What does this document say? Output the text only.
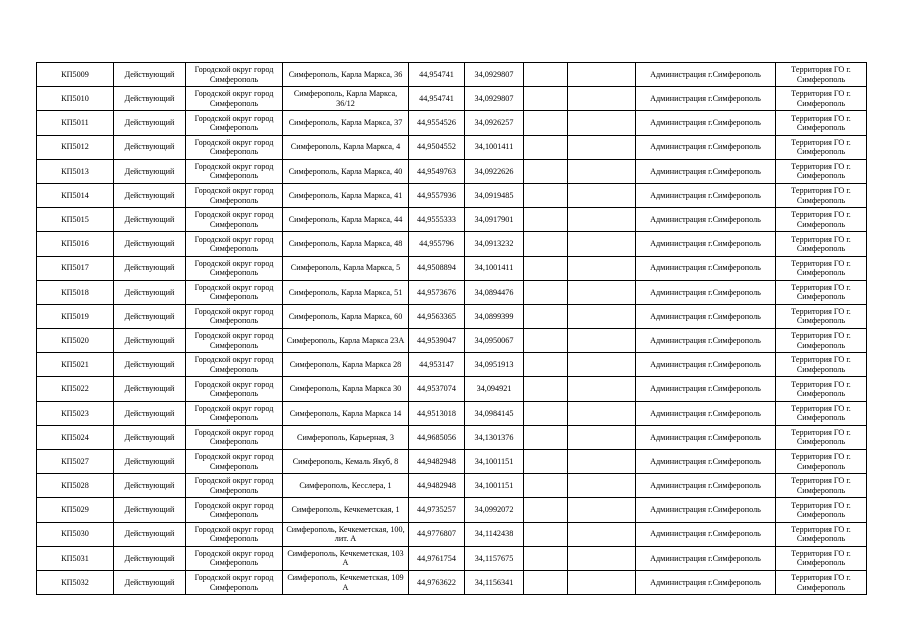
КП5009	Действующий	Городской округ город Симферополь	Симферополь, Карла Маркса, 36	44,954741	34,0929807			Администрация г.Симферополь	Территория ГО г. Симферополь
КП5010	Действующий	Городской округ город Симферополь	Симферополь, Карла Маркса, 36/12	44,954741	34,0929807			Администрация г.Симферополь	Территория ГО г. Симферополь
КП5011	Действующий	Городской округ город Симферополь	Симферополь, Карла Маркса, 37	44,9554526	34,0926257			Администрация г.Симферополь	Территория ГО г. Симферополь
КП5012	Действующий	Городской округ город Симферополь	Симферополь, Карла Маркса, 4	44,9504552	34,1001411			Администрация г.Симферополь	Территория ГО г. Симферополь
КП5013	Действующий	Городской округ город Симферополь	Симферополь, Карла Маркса, 40	44,9549763	34,0922626			Администрация г.Симферополь	Территория ГО г. Симферополь
КП5014	Действующий	Городской округ город Симферополь	Симферополь, Карла Маркса, 41	44,9557936	34,0919485			Администрация г.Симферополь	Территория ГО г. Симферополь
КП5015	Действующий	Городской округ город Симферополь	Симферополь, Карла Маркса, 44	44,9555333	34,0917901			Администрация г.Симферополь	Территория ГО г. Симферополь
КП5016	Действующий	Городской округ город Симферополь	Симферополь, Карла Маркса, 48	44,955796	34,0913232			Администрация г.Симферополь	Территория ГО г. Симферополь
КП5017	Действующий	Городской округ город Симферополь	Симферополь, Карла Маркса, 5	44,9508894	34,1001411			Администрация г.Симферополь	Территория ГО г. Симферополь
КП5018	Действующий	Городской округ город Симферополь	Симферополь, Карла Маркса, 51	44,9573676	34,0894476			Администрация г.Симферополь	Территория ГО г. Симферополь
КП5019	Действующий	Городской округ город Симферополь	Симферополь, Карла Маркса, 60	44,9563365	34,0899399			Администрация г.Симферополь	Территория ГО г. Симферополь
КП5020	Действующий	Городской округ город Симферополь	Симферополь, Карла Маркса 23А	44,9539047	34,0950067			Администрация г.Симферополь	Территория ГО г. Симферополь
КП5021	Действующий	Городской округ город Симферополь	Симферополь, Карла Маркса 28	44,953147	34,0951913			Администрация г.Симферополь	Территория ГО г. Симферополь
КП5022	Действующий	Городской округ город Симферополь	Симферополь, Карла Маркса 30	44,9537074	34,094921			Администрация г.Симферополь	Территория ГО г. Симферополь
КП5023	Действующий	Городской округ город Симферополь	Симферополь, Карла Маркса 14	44,9513018	34,0984145			Администрация г.Симферополь	Территория ГО г. Симферополь
КП5024	Действующий	Городской округ город Симферополь	Симферополь, Карьерная, 3	44,9685056	34,1301376			Администрация г.Симферополь	Территория ГО г. Симферополь
КП5027	Действующий	Городской округ город Симферополь	Симферополь, Кемаль Якуб, 8	44,9482948	34,1001151			Администрация г.Симферополь	Территория ГО г. Симферополь
КП5028	Действующий	Городской округ город Симферополь	Симферополь, Кесслера, 1	44,9482948	34,1001151			Администрация г.Симферополь	Территория ГО г. Симферополь
КП5029	Действующий	Городской округ город Симферополь	Симферополь, Кечкеметская, 1	44,9735257	34,0992072			Администрация г.Симферополь	Территория ГО г. Симферополь
КП5030	Действующий	Городской округ город Симферополь	Симферополь, Кечкеметская, 100, лит. А	44,9776807	34,1142438			Администрация г.Симферополь	Территория ГО г. Симферополь
КП5031	Действующий	Городской округ город Симферополь	Симферополь, Кечкеметская, 103 А	44,9761754	34,1157675			Администрация г.Симферополь	Территория ГО г. Симферополь
КП5032	Действующий	Городской округ город Симферополь	Симферополь, Кечкеметская, 109 А	44,9763622	34,1156341			Администрация г.Симферополь	Территория ГО г. Симферополь
